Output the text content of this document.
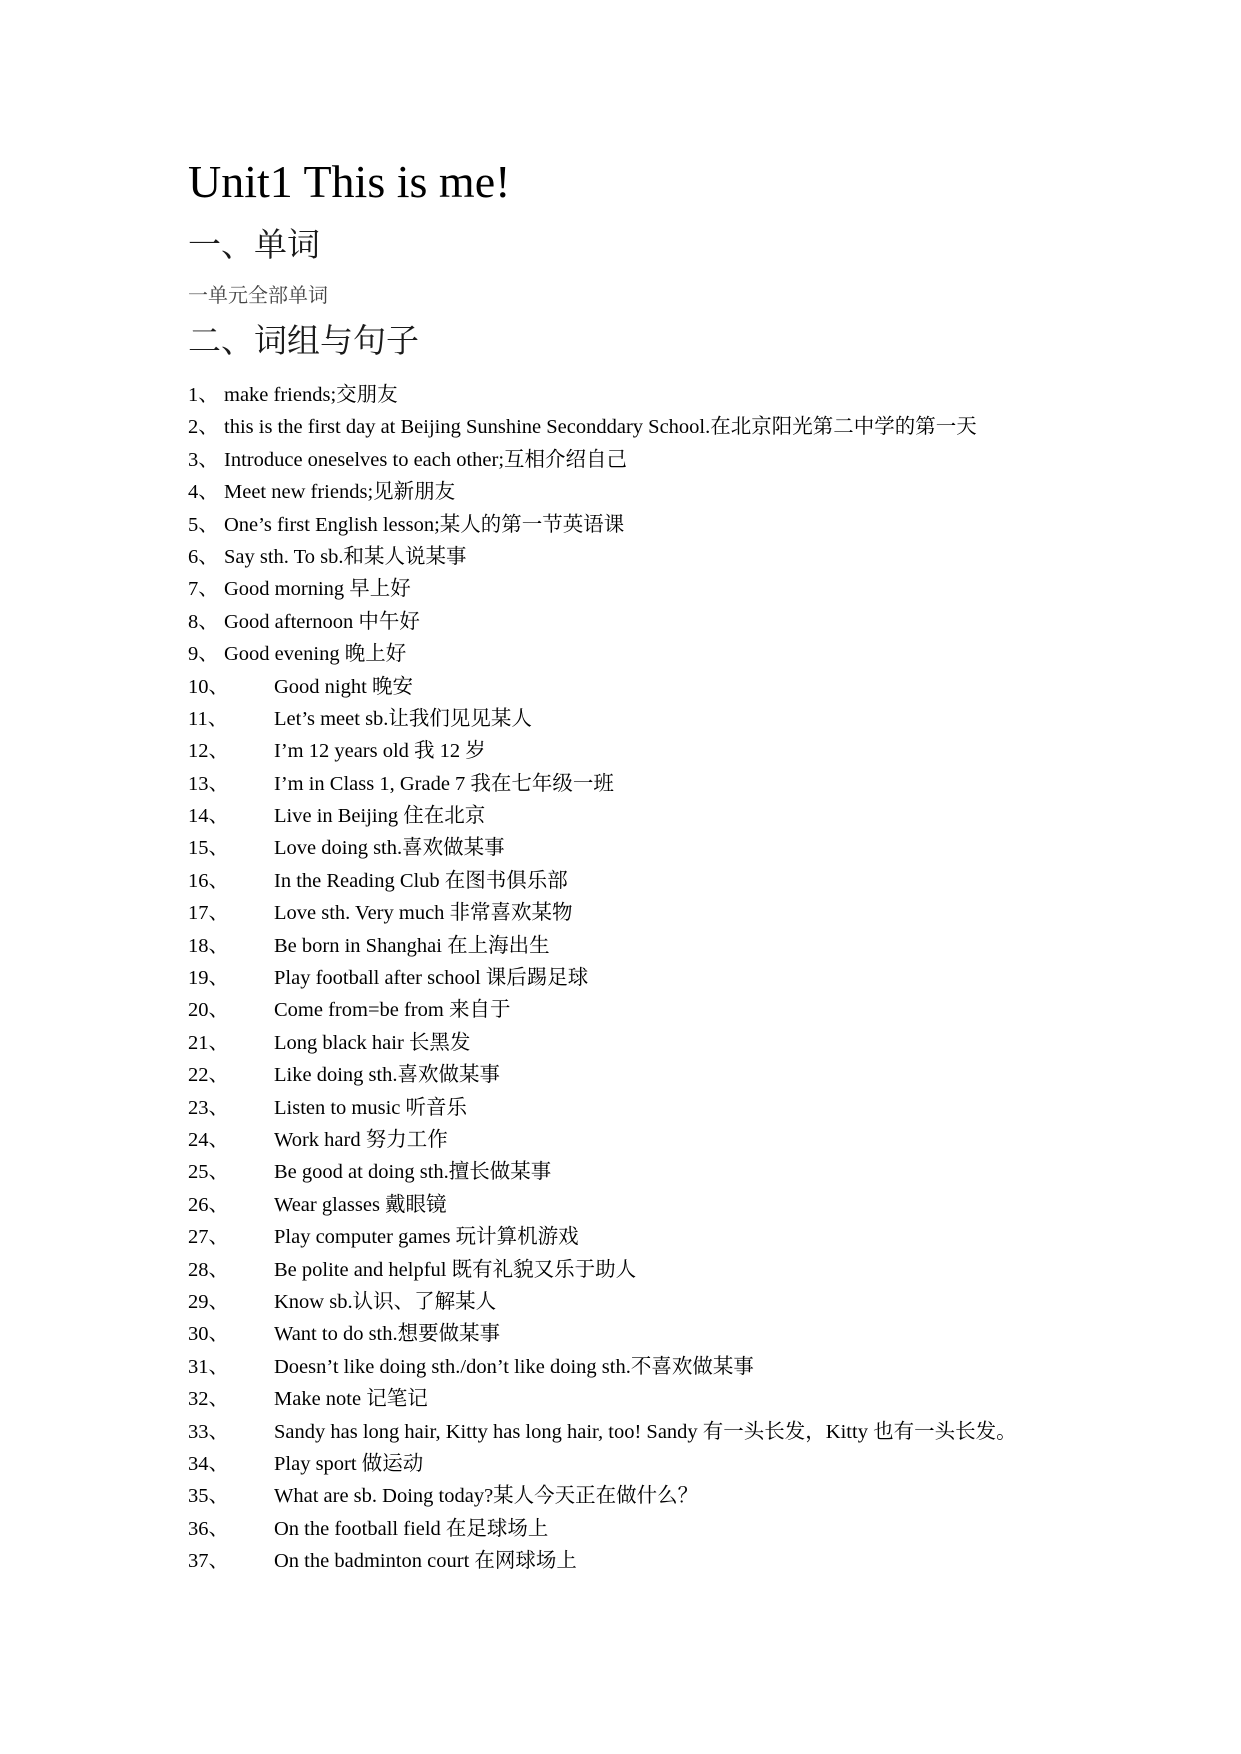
Unit1 This is me!
一、单词
一单元全部单词
二、词组与句子
1、 make friends;交朋友
2、 this is the first day at Beijing Sunshine Seconddary School.在北京阳光第二中学的第一天
3、 Introduce oneselves to each other;互相介绍自己
4、 Meet new friends;见新朋友
5、 One’s first English lesson;某人的第一节英语课
6、 Say sth. To sb.和某人说某事
7、 Good morning 早上好
8、 Good afternoon 中午好
9、 Good evening 晚上好
10、 Good night 晚安
11、 Let’s meet sb.让我们见见某人
12、 I’m 12 years old 我 12 岁
13、 I’m in Class 1, Grade 7 我在七年级一班
14、 Live in Beijing 住在北京
15、 Love doing sth.喜欢做某事
16、 In the Reading Club 在图书俱乐部
17、 Love sth. Very much 非常喜欢某物
18、 Be born in Shanghai 在上海出生
19、 Play football after school 课后踢足球
20、 Come from=be from 来自于
21、 Long black hair 长黑发
22、 Like doing sth.喜欢做某事
23、 Listen to music 听音乐
24、 Work hard 努力工作
25、 Be good at doing sth.擅长做某事
26、 Wear glasses 戴眼镜
27、 Play computer games 玩计算机游戏
28、 Be polite and helpful 既有礼貌又乐于助人
29、 Know sb.认识、了解某人
30、 Want to do sth.想要做某事
31、 Doesn’t like doing sth./don’t like doing sth.不喜欢做某事
32、 Make note 记笔记
33、 Sandy has long hair, Kitty has long hair, too! Sandy 有一头长发，Kitty 也有一头长发。
34、 Play sport 做运动
35、 What are sb. Doing today?某人今天正在做什么？
36、 On the football field 在足球场上
37、 On the badminton court 在网球场上
